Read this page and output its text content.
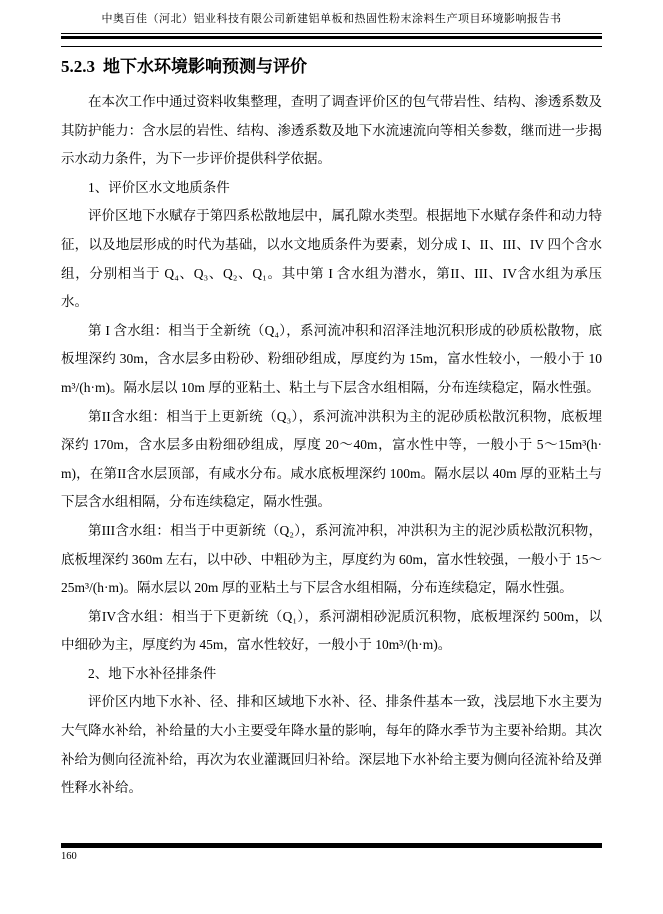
中奥百佳（河北）铝业科技有限公司新建铝单板和热固性粉末涂料生产项目环境影响报告书
5.2.3 地下水环境影响预测与评价

在本次工作中通过资料收集整理，查明了调查评价区的包气带岩性、结构、渗透系数及其防护能力：含水层的岩性、结构、渗透系数及地下水流速流向等相关参数，继而进一步揭示水动力条件，为下一步评价提供科学依据。

1、评价区水文地质条件

评价区地下水赋存于第四系松散地层中，属孔隙水类型。根据地下水赋存条件和动力特征，以及地层形成的时代为基础，以水文地质条件为要素，划分成 I、II、III、IV 四个含水组，分别相当于 Q₄、Q₃、Q₂、Q₁。其中第 I 含水组为潜水，第II、III、IV含水组为承压水。

第 I 含水组：相当于全新统（Q₄），系河流冲积和沼泽洼地沉积形成的砂质松散物，底板埋深约 30m，含水层多由粉砂、粉细砂组成，厚度约为 15m，富水性较小，一般小于 10m³/(h·m)。隔水层以 10m 厚的亚粘土、粘土与下层含水组相隔，分布连续稳定，隔水性强。

第II含水组：相当于上更新统（Q₃），系河流冲洪积为主的泥砂质松散沉积物，底板埋深约 170m，含水层多由粉细砂组成，厚度 20～40m，富水性中等，一般小于 5～15m³(h·m)，在第II含水层顶部，有咸水分布。咸水底板埋深约 100m。隔水层以 40m 厚的亚粘土与下层含水组相隔，分布连续稳定，隔水性强。

第III含水组：相当于中更新统（Q₂），系河流冲积，冲洪积为主的泥沙质松散沉积物，底板埋深约 360m 左右，以中砂、中粗砂为主，厚度约为 60m，富水性较强，一般小于 15～25m³/(h·m)。隔水层以 20m 厚的亚粘土与下层含水组相隔，分布连续稳定，隔水性强。

第IV含水组：相当于下更新统（Q₁），系河湖相砂泥质沉积物，底板埋深约 500m，以中细砂为主，厚度约为 45m，富水性较好，一般小于 10m³/(h·m)。

2、地下水补径排条件

评价区内地下水补、径、排和区域地下水补、径、排条件基本一致，浅层地下水主要为大气降水补给，补给量的大小主要受年降水量的影响，每年的降水季节为主要补给期。其次补给为侧向径流补给，再次为农业灌溉回归补给。深层地下水补给主要为侧向径流补给及弹性释水补给。

160
